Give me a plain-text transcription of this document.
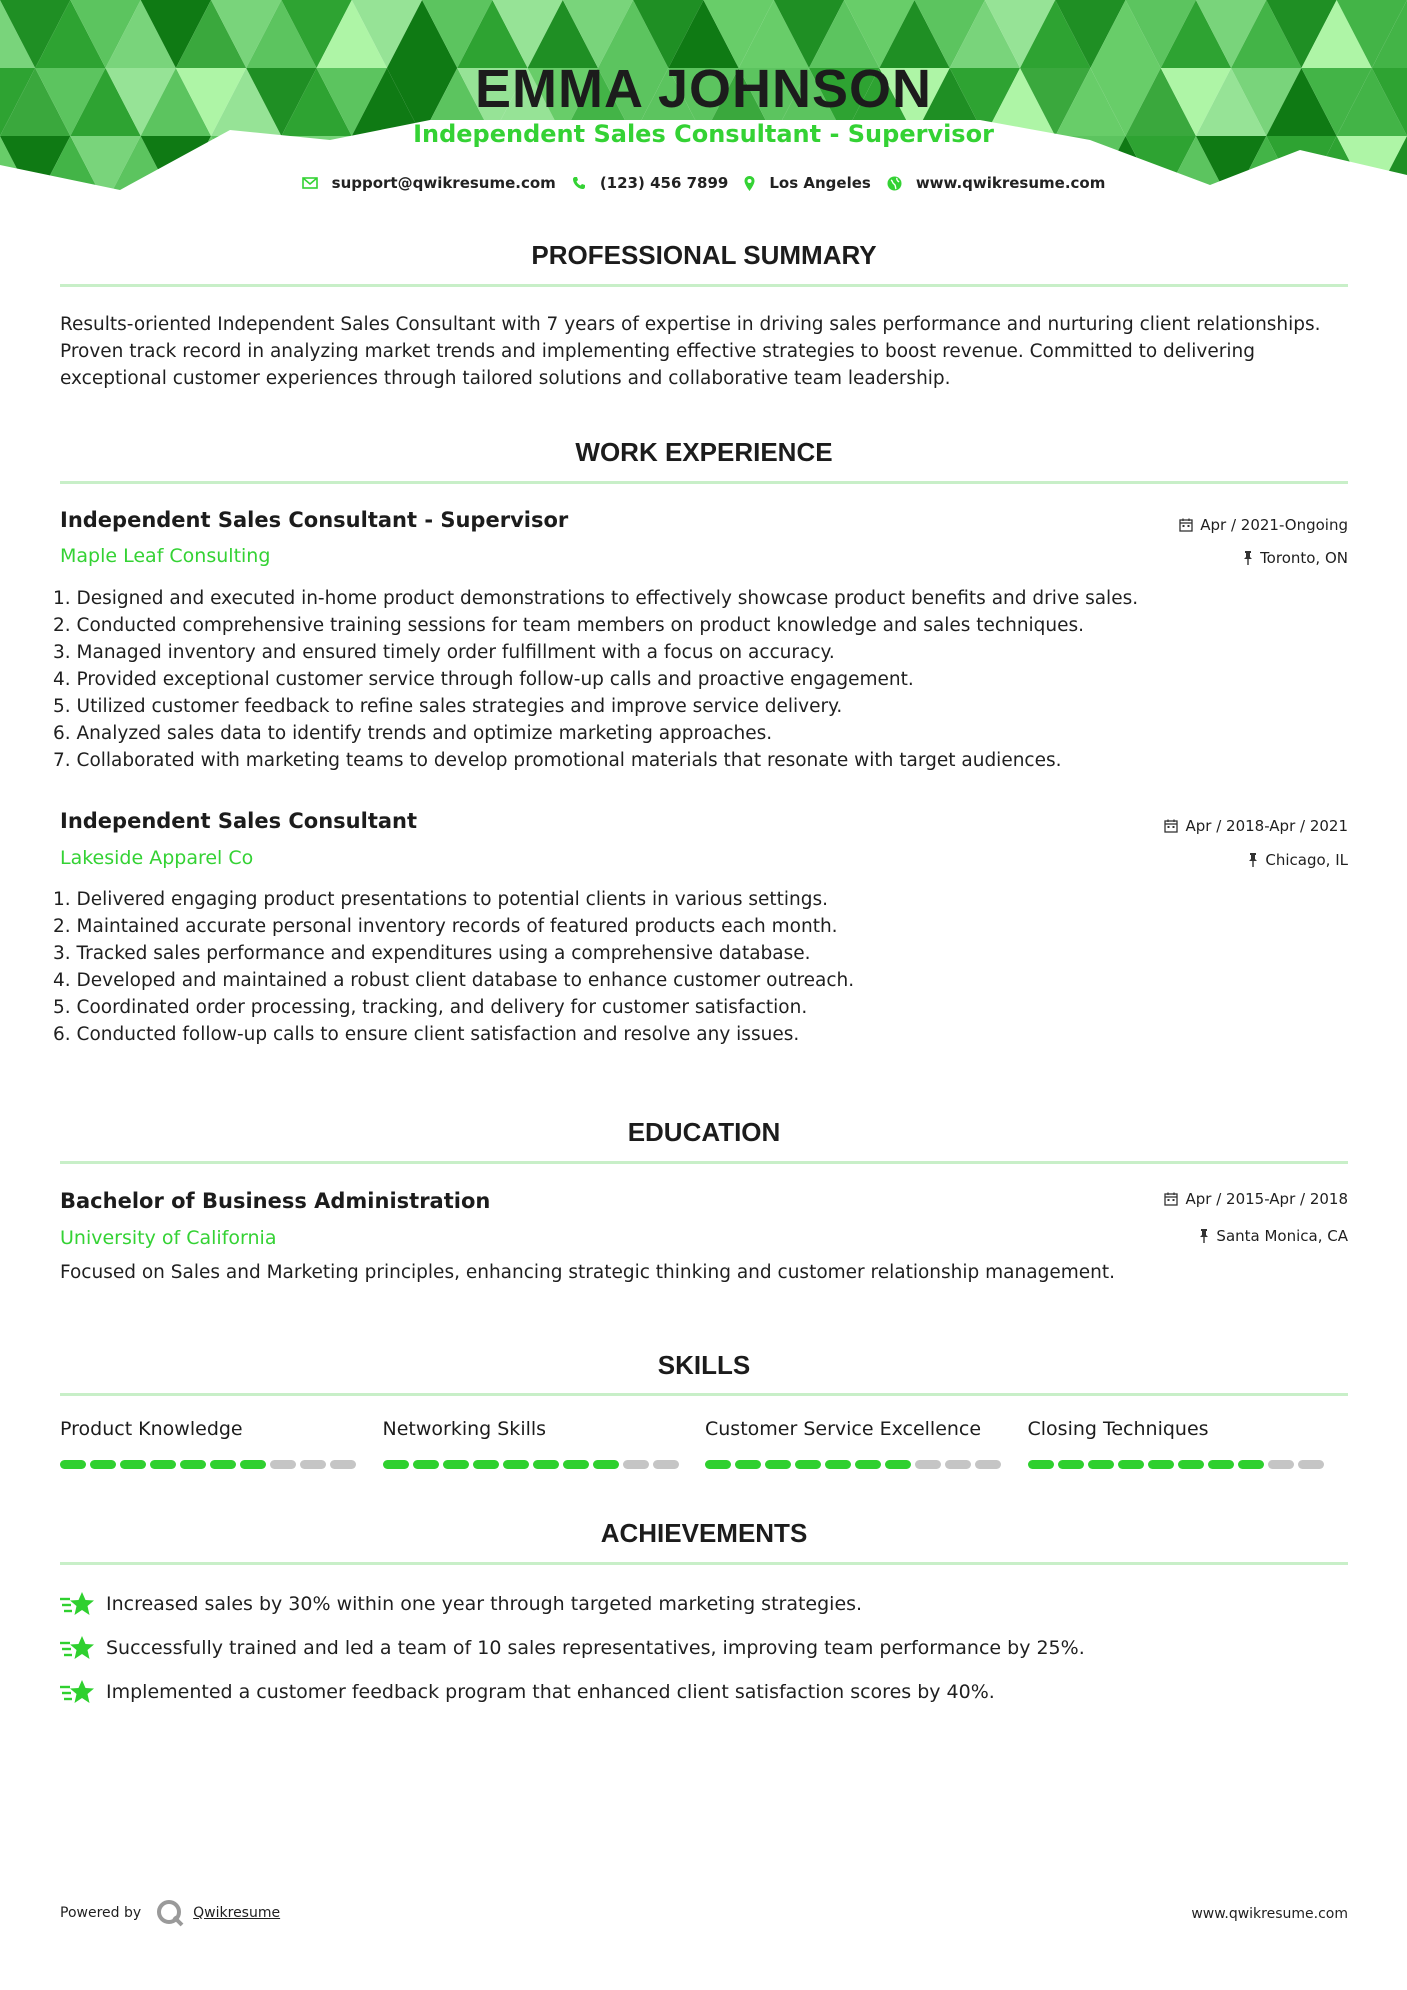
EMMA JOHNSON
Independent Sales Consultant - Supervisor
support@qwikresume.com	(123) 456 7899	Los Angeles	www.qwikresume.com
PROFESSIONAL SUMMARY
Results-oriented Independent Sales Consultant with 7 years of expertise in driving sales performance and nurturing client relationships. Proven track record in analyzing market trends and implementing effective strategies to boost revenue. Committed to delivering exceptional customer experiences through tailored solutions and collaborative team leadership.
WORK EXPERIENCE
Independent Sales Consultant - Supervisor	Apr / 2021-Ongoing
Maple Leaf Consulting	Toronto, ON
1. Designed and executed in-home product demonstrations to effectively showcase product benefits and drive sales.
2. Conducted comprehensive training sessions for team members on product knowledge and sales techniques.
3. Managed inventory and ensured timely order fulfillment with a focus on accuracy.
4. Provided exceptional customer service through follow-up calls and proactive engagement.
5. Utilized customer feedback to refine sales strategies and improve service delivery.
6. Analyzed sales data to identify trends and optimize marketing approaches.
7. Collaborated with marketing teams to develop promotional materials that resonate with target audiences.
Independent Sales Consultant	Apr / 2018-Apr / 2021
Lakeside Apparel Co	Chicago, IL
1. Delivered engaging product presentations to potential clients in various settings.
2. Maintained accurate personal inventory records of featured products each month.
3. Tracked sales performance and expenditures using a comprehensive database.
4. Developed and maintained a robust client database to enhance customer outreach.
5. Coordinated order processing, tracking, and delivery for customer satisfaction.
6. Conducted follow-up calls to ensure client satisfaction and resolve any issues.
EDUCATION
Bachelor of Business Administration	Apr / 2015-Apr / 2018
University of California	Santa Monica, CA
Focused on Sales and Marketing principles, enhancing strategic thinking and customer relationship management.
SKILLS
Product Knowledge	Networking Skills	Customer Service Excellence	Closing Techniques
ACHIEVEMENTS
Increased sales by 30% within one year through targeted marketing strategies.
Successfully trained and led a team of 10 sales representatives, improving team performance by 25%.
Implemented a customer feedback program that enhanced client satisfaction scores by 40%.
Powered by	Qwikresume	www.qwikresume.com
